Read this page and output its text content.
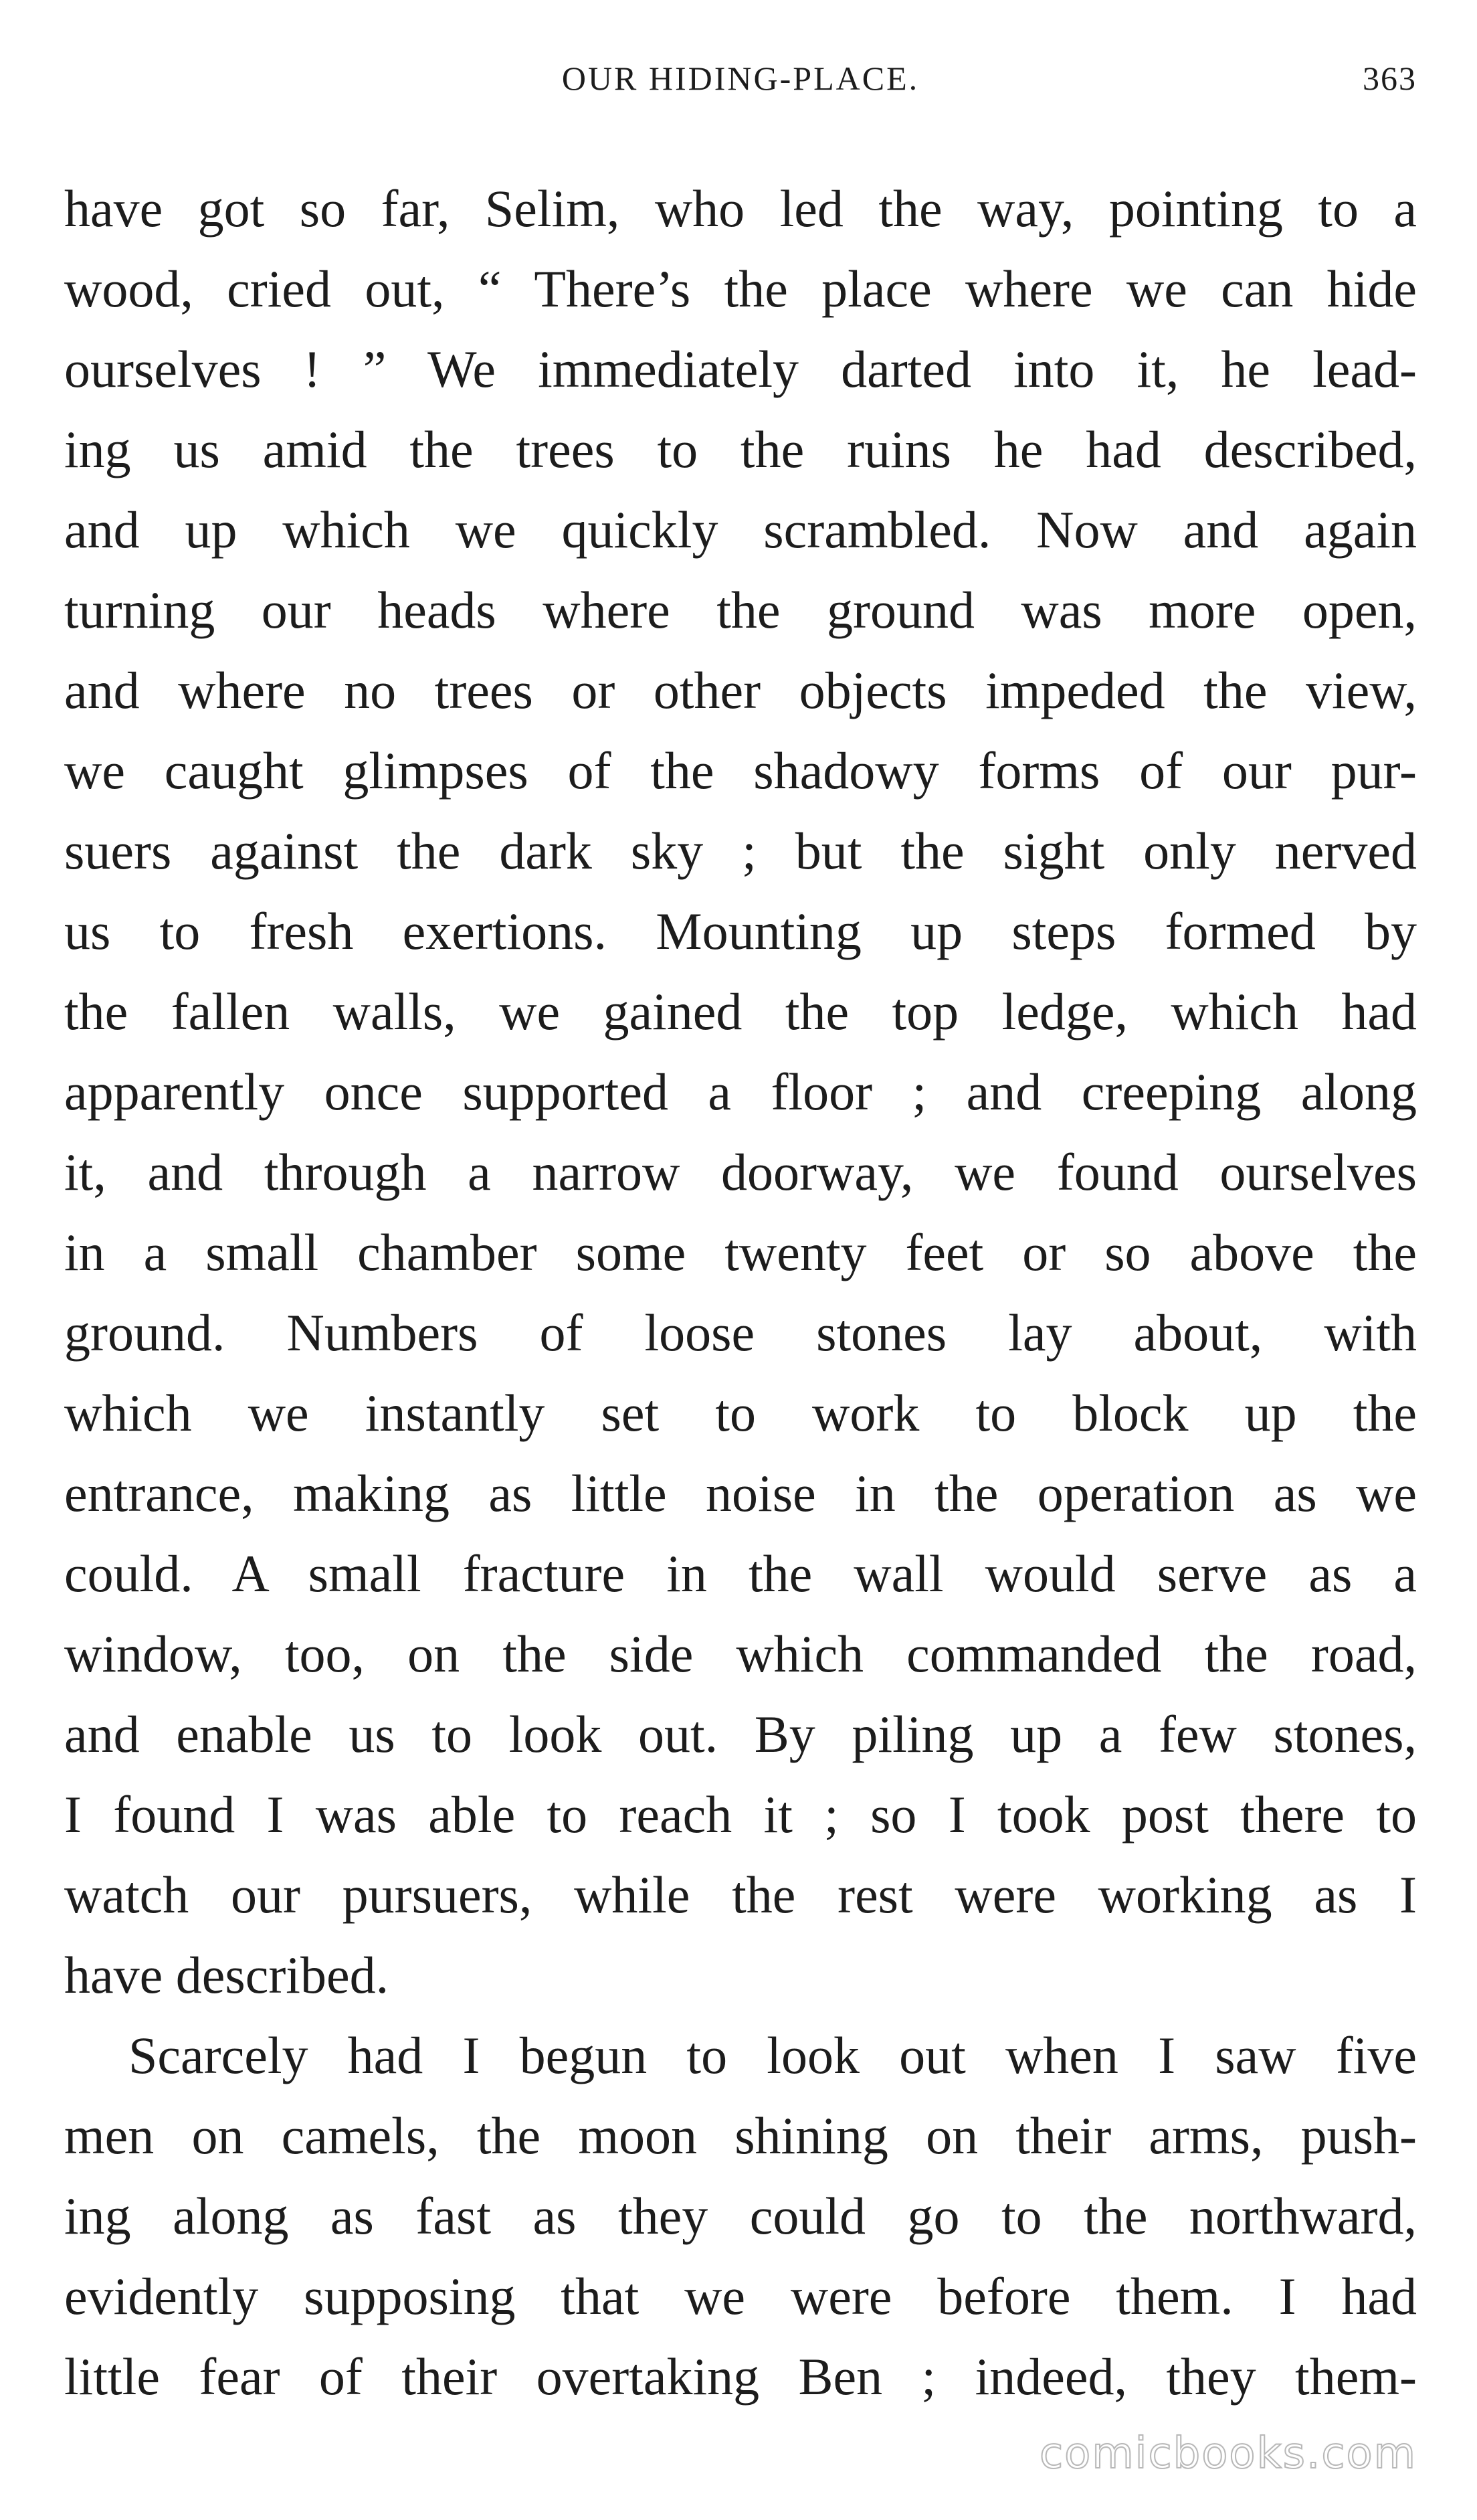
OUR HIDING-PLACE.	363
have got so far, Selim, who led the way, pointing to a
wood, cried out, “ There’s the place where we can hide
ourselves ! ” We immediately darted into it, he lead-
ing us amid the trees to the ruins he had described,
and up which we quickly scrambled. Now and again
turning our heads where the ground was more open,
and where no trees or other objects impeded the view,
we caught glimpses of the shadowy forms of our pur-
suers against the dark sky ; but the sight only nerved
us to fresh exertions. Mounting up steps formed by
the fallen walls, we gained the top ledge, which had
apparently once supported a floor ; and creeping along
it, and through a narrow doorway, we found ourselves
in a small chamber some twenty feet or so above the
ground. Numbers of loose stones lay about, with
which we instantly set to work to block up the
entrance, making as little noise in the operation as we
could. A small fracture in the wall would serve as a
window, too, on the side which commanded the road,
and enable us to look out. By piling up a few stones,
I found I was able to reach it ; so I took post there to
watch our pursuers, while the rest were working as I
have described.
Scarcely had I begun to look out when I saw five
men on camels, the moon shining on their arms, push-
ing along as fast as they could go to the northward,
evidently supposing that we were before them. I had
little fear of their overtaking Ben ; indeed, they them-
comicbooks.com
